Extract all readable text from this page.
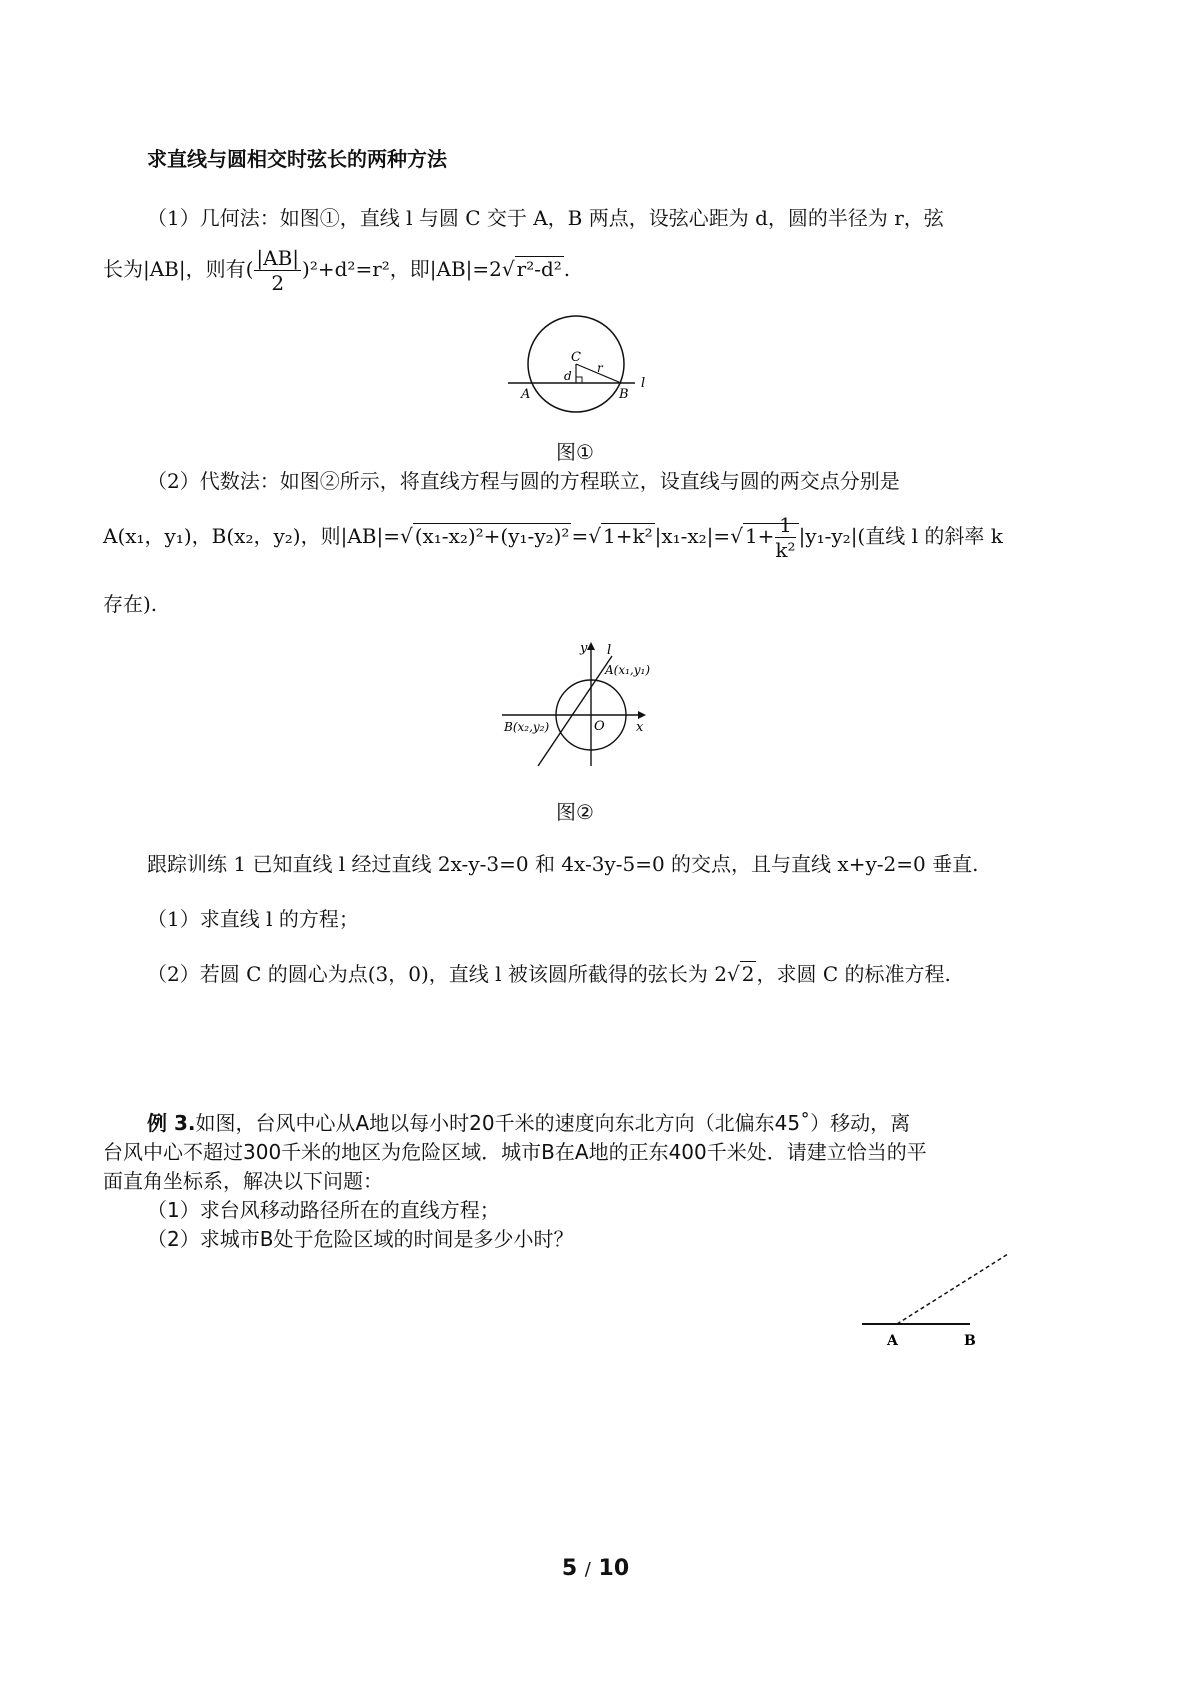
求直线与圆相交时弦长的两种方法
（1）几何法：如图①，直线 l 与圆 C 交于 A，B 两点，设弦心距为 d，圆的半径为 r，弦
长为|AB|，则有( $\frac{|AB|}{2} )^2+d^2=r^2$，即|AB|=2√ r²-d² .
C
r
d
A	B
l
图①
（2）代数法：如图②所示，将直线方程与圆的方程联立，设直线与圆的两交点分别是
A(x₁，y₁)，B(x₂，y₂)，则|AB|=√ (x₁-x₂)²+(y₁-y₂)² =√ 1+k² |x₁-x₂|=√ $1+ \frac{1}{\text{k²}} |y_1-y_2|$(直线 l 的斜率 k
存在).
y l
A(x₁,y₁)
B(x₂,y₂)	O x
图②
跟踪训练 1 已知直线 l 经过直线 2x-y-3=0 和 4x-3y-5=0 的交点，且与直线 x+y-2=0 垂直.
（1）求直线 l 的方程；
（2）若圆 C 的圆心为点(3，0)，直线 l 被该圆所截得的弦长为 2√ 2 ，求圆 C 的标准方程.
例 3.如图，台风中心从A地以每小时20千米的速度向东北方向（北偏东45˚）移动，离
台风中心不超过300千米的地区为危险区域．城市B在A地的正东400千米处．请建立恰当的平
面直角坐标系，解决以下问题：
（1）求台风移动路径所在的直线方程；
（2）求城市B处于危险区域的时间是多少小时？
A	B
5 / 10
